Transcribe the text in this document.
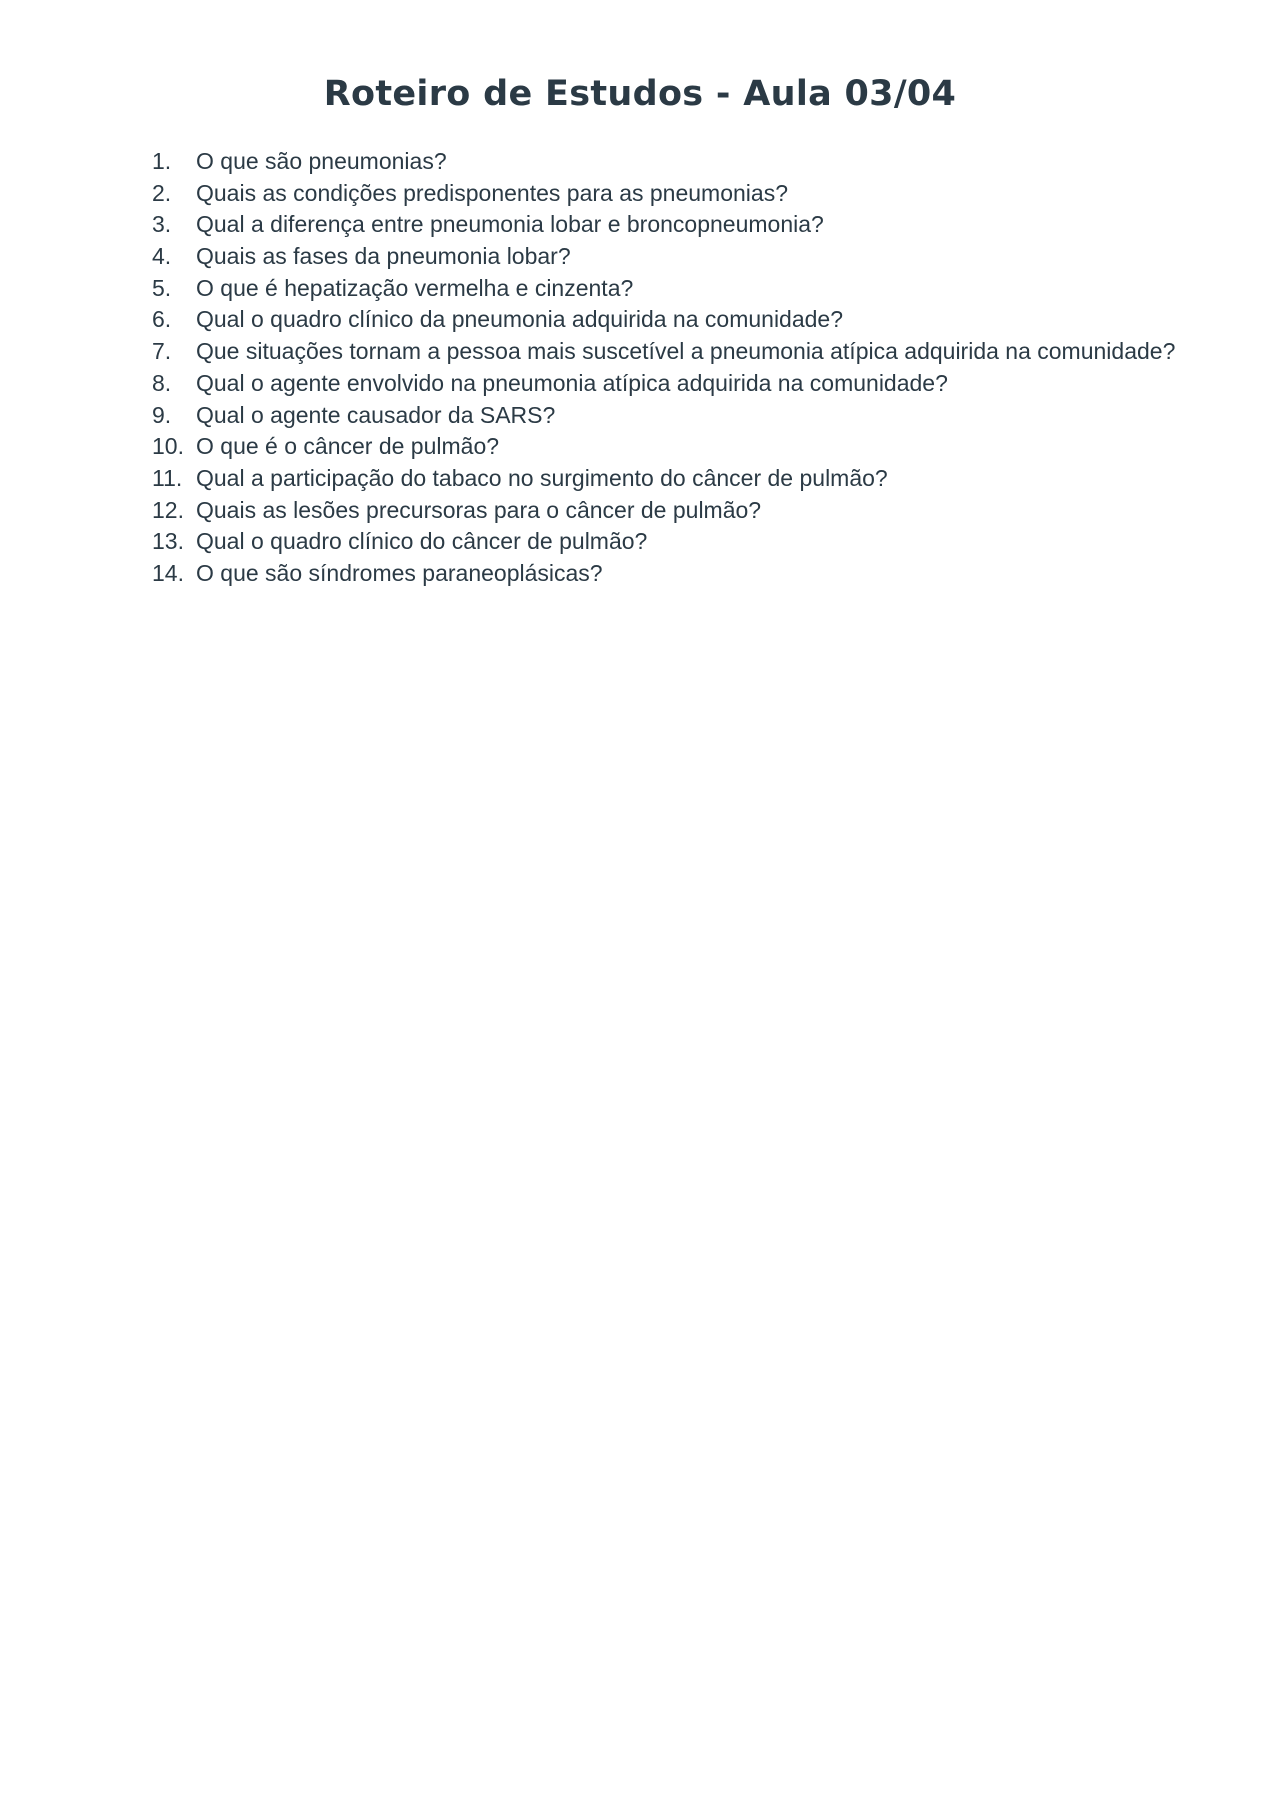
Roteiro de Estudos - Aula 03/04
1.	O que são pneumonias?
2.	Quais as condições predisponentes para as pneumonias?
3.	Qual a diferença entre pneumonia lobar e broncopneumonia?
4.	Quais as fases da pneumonia lobar?
5.	O que é hepatização vermelha e cinzenta?
6.	Qual o quadro clínico da pneumonia adquirida na comunidade?
7.	Que situações tornam a pessoa mais suscetível a pneumonia atípica adquirida na comunidade?
8.	Qual o agente envolvido na pneumonia atípica adquirida na comunidade?
9.	Qual o agente causador da SARS?
10. O que é o câncer de pulmão?
11. Qual a participação do tabaco no surgimento do câncer de pulmão?
12. Quais as lesões precursoras para o câncer de pulmão?
13. Qual o quadro clínico do câncer de pulmão?
14. O que são síndromes paraneoplásicas?
